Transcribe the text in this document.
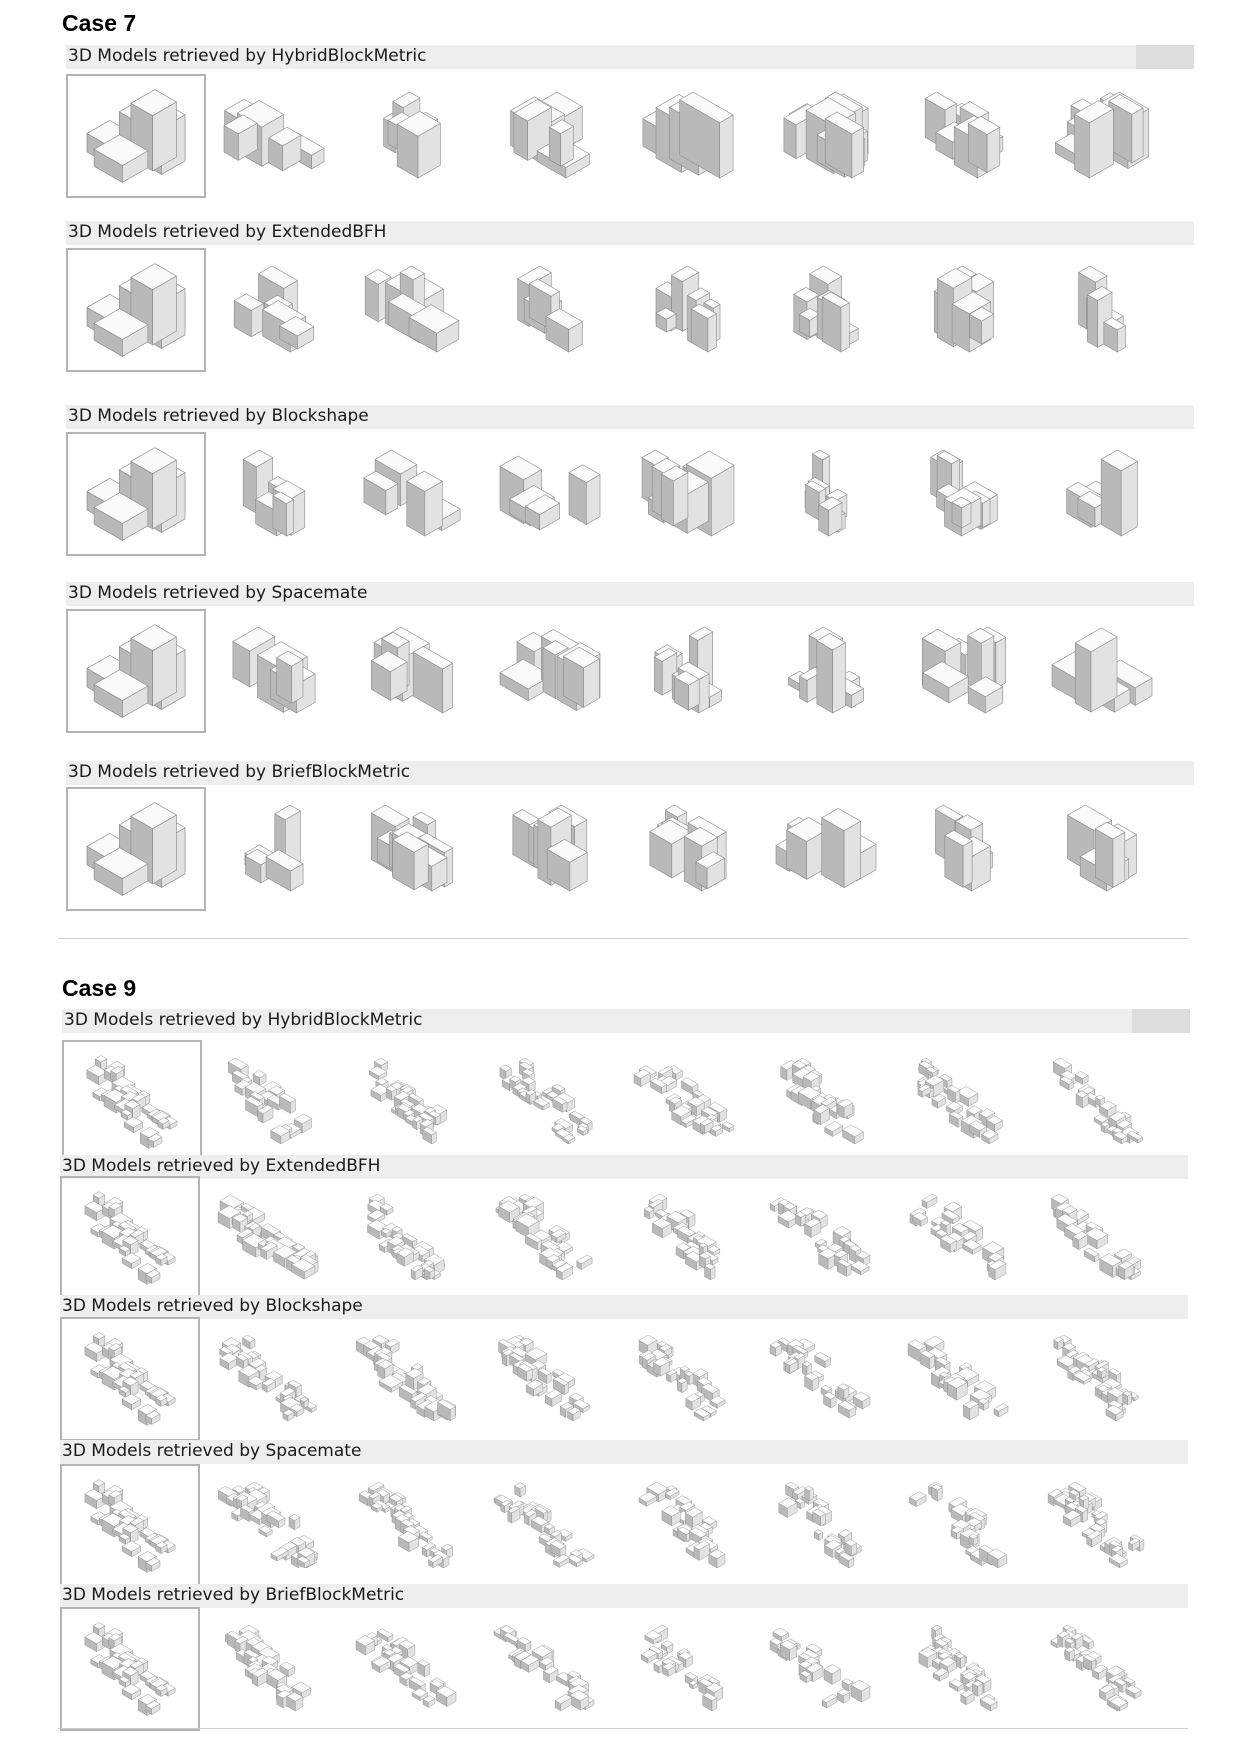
Case 7
3D Models retrieved by HybridBlockMetric
3D Models retrieved by ExtendedBFH
3D Models retrieved by Blockshape
3D Models retrieved by Spacemate
3D Models retrieved by BriefBlockMetric
Case 9
3D Models retrieved by HybridBlockMetric
3D Models retrieved by ExtendedBFH
3D Models retrieved by Blockshape
3D Models retrieved by Spacemate
3D Models retrieved by BriefBlockMetric
